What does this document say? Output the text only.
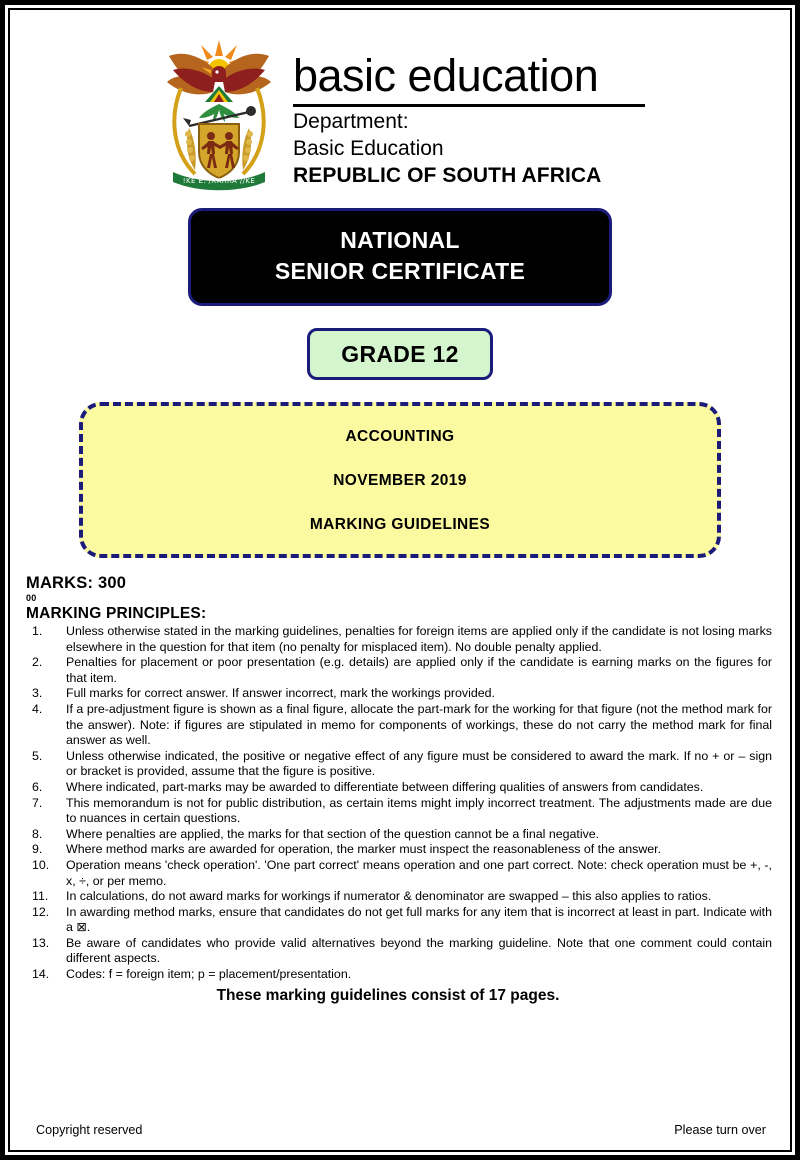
!KE E: /XARRA //KE
basic education
Department:
Basic Education
REPUBLIC OF SOUTH AFRICA
NATIONAL
SENIOR CERTIFICATE
GRADE 12

ACCOUNTING

NOVEMBER 2019

MARKING GUIDELINES

MARKS: 300
00
MARKING PRINCIPLES:
1.	Unless otherwise stated in the marking guidelines, penalties for foreign items are applied only if the candidate is not losing marks elsewhere in the question for that item (no penalty for misplaced item). No double penalty applied.
2.	Penalties for placement or poor presentation (e.g. details) are applied only if the candidate is earning marks on the figures for that item.
3.	Full marks for correct answer. If answer incorrect, mark the workings provided.
4.	If a pre-adjustment figure is shown as a final figure, allocate the part-mark for the working for that figure (not the method mark for the answer). Note: if figures are stipulated in memo for components of workings, these do not carry the method mark for final answer as well.
5.	Unless otherwise indicated, the positive or negative effect of any figure must be considered to award the mark. If no + or – sign or bracket is provided, assume that the figure is positive.
6.	Where indicated, part-marks may be awarded to differentiate between differing qualities of answers from candidates.
7.	This memorandum is not for public distribution, as certain items might imply incorrect treatment. The adjustments made are due to nuances in certain questions.
8.	Where penalties are applied, the marks for that section of the question cannot be a final negative.
9.	Where method marks are awarded for operation, the marker must inspect the reasonableness of the answer.
10.	Operation means 'check operation'. 'One part correct' means operation and one part correct. Note: check operation must be +, -, x, ÷, or per memo.
11.	In calculations, do not award marks for workings if numerator & denominator are swapped – this also applies to ratios.
12.	In awarding method marks, ensure that candidates do not get full marks for any item that is incorrect at least in part. Indicate with a ⊠.
13.	Be aware of candidates who provide valid alternatives beyond the marking guideline. Note that one comment could contain different aspects.
14.	Codes: f = foreign item; p = placement/presentation.
These marking guidelines consist of 17 pages.
Copyright reserved	Please turn over
